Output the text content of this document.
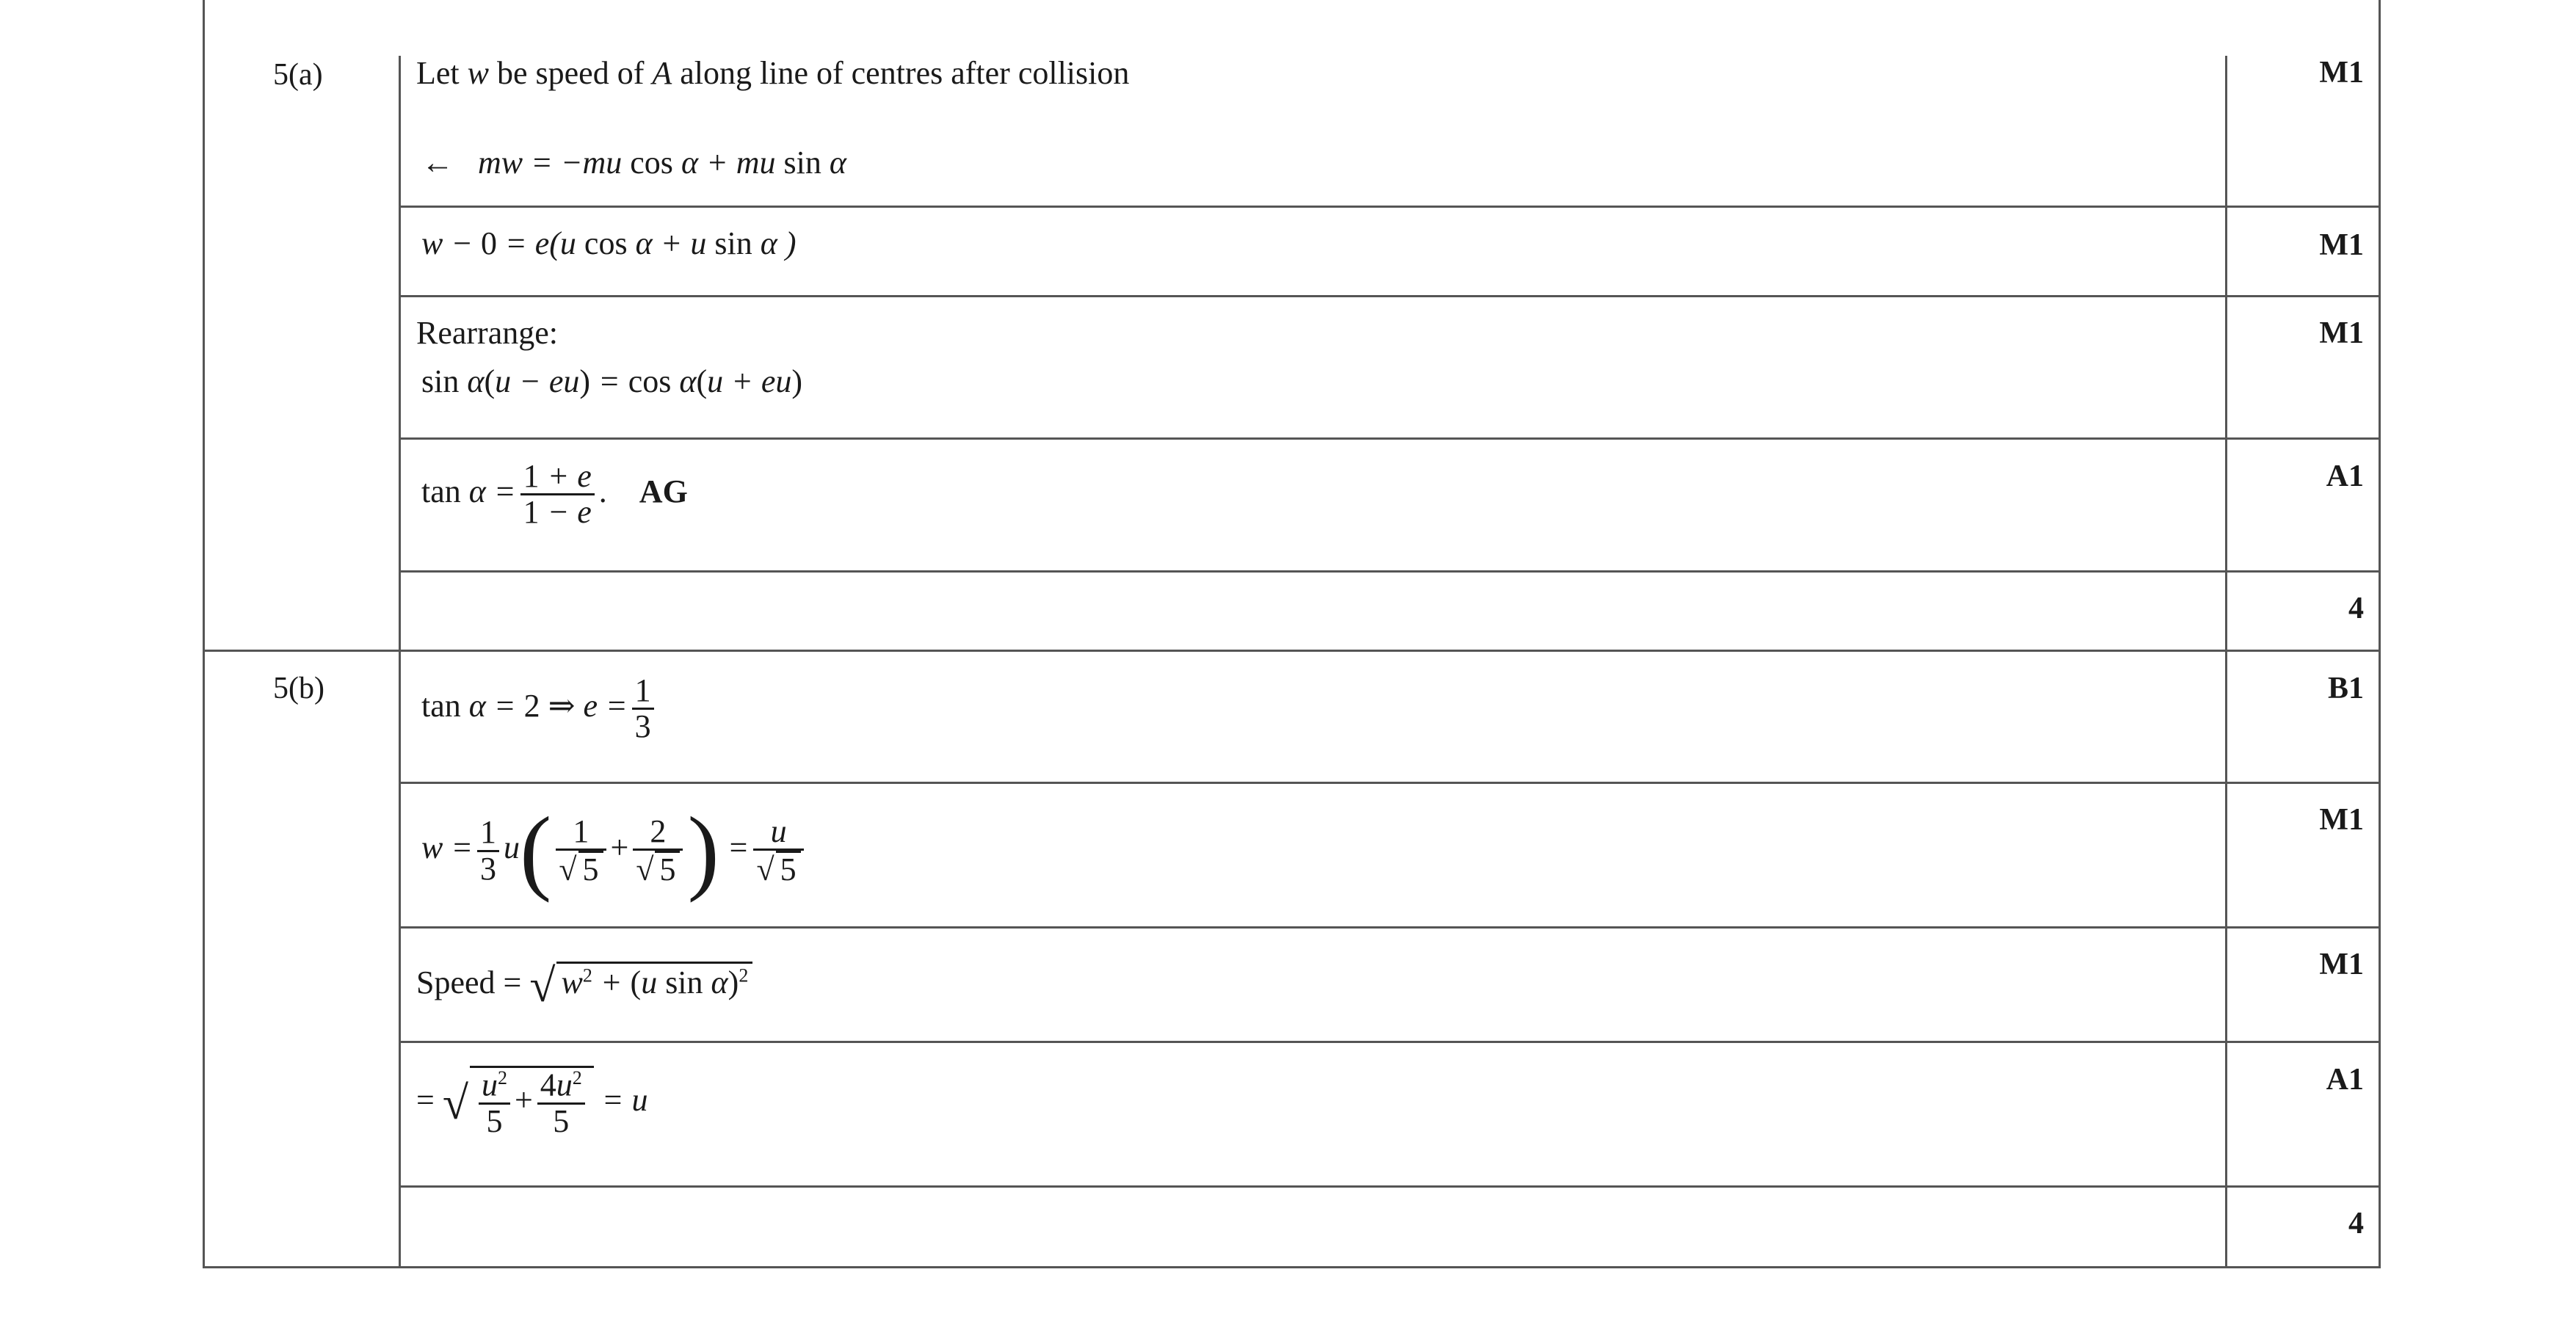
5(a)
5(b)
M1
M1
M1
A1
4
B1
M1
M1
A1
4
Let w be speed of A along line of centres after collision
←   mw = −mu cos α + mu sin α
w − 0 = e(u cos α + u sin α )
Rearrange:
sin α(u − eu) = cos α(u + eu)
$\tan \alpha = \frac{1 + e}{1 - e}$ . AG
tan α = 2 ⇒ $e = \frac{1}{3}$
$w = \frac{1}{3} u( \frac{1}{√ 5} + \frac{2}{√ 5}$ ) = $\frac{u}{√ 5}$
Speed = √ $w^2 + (u$ sin α)$^2$
= √ $\frac{u^2}{5} + \frac{4u^2}{5} = u$
